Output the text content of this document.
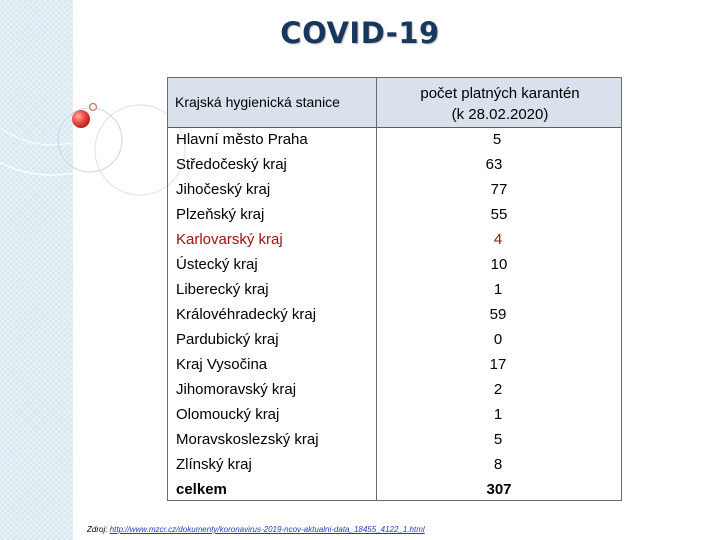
COVID-19
Krajská hygienická stanice	počet platných karantén
(k 28.02.2020)
Hlavní město Praha	5
Středočeský kraj	63
Jihočeský kraj	77
Plzeňský kraj	55
Karlovarský kraj	4
Ústecký kraj	10
Liberecký kraj	1
Královéhradecký kraj	59
Pardubický kraj	0
Kraj Vysočina	17
Jihomoravský kraj	2
Olomoucký kraj	1
Moravskoslezský kraj	5
Zlínský kraj	8
celkem	307
Zdroj: http://www.mzcr.cz/dokumenty/koronavirus-2019-ncov-aktualni-data_18455_4122_1.html
